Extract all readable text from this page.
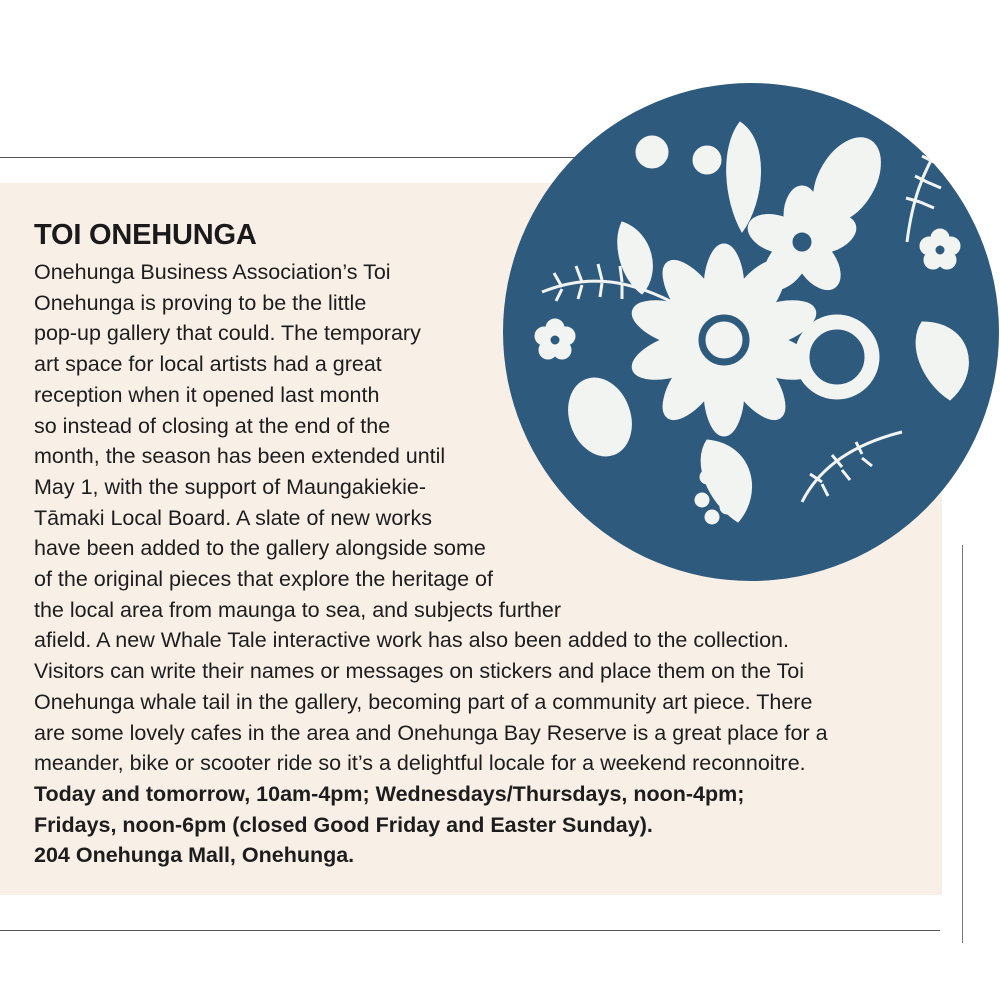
TOI ONEHUNGA
Onehunga Business Association’s Toi
Onehunga is proving to be the little
pop-up gallery that could. The temporary
art space for local artists had a great
reception when it opened last month
so instead of closing at the end of the
month, the season has been extended until
May 1, with the support of Maungakiekie-
Tāmaki Local Board. A slate of new works
have been added to the gallery alongside some
of the original pieces that explore the heritage of
the local area from maunga to sea, and subjects further
afield. A new Whale Tale interactive work has also been added to the collection.
Visitors can write their names or messages on stickers and place them on the Toi
Onehunga whale tail in the gallery, becoming part of a community art piece. There
are some lovely cafes in the area and Onehunga Bay Reserve is a great place for a
meander, bike or scooter ride so it’s a delightful locale for a weekend reconnoitre.
Today and tomorrow, 10am-4pm; Wednesdays/Thursdays, noon-4pm;
Fridays, noon-6pm (closed Good Friday and Easter Sunday).
204 Onehunga Mall, Onehunga.
